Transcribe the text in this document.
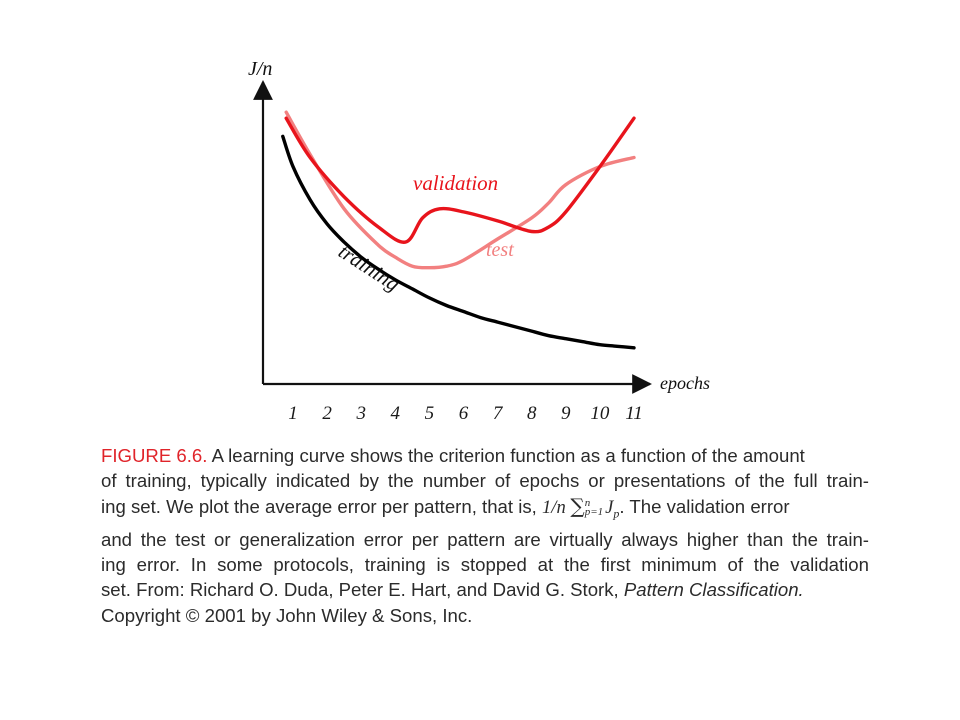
J/n
epochs
1 2 3 4 5 6 7 8 9 10 11
validation
test
training
FIGURE 6.6. A learning curve shows the criterion function as a function of the amount
of training, typically indicated by the number of epochs or presentations of the full train-
ing set. We plot the average error per pattern, that is, 1/n ∑ n
p=1 $J_p$. The validation error
and the test or generalization error per pattern are virtually always higher than the train-
ing error. In some protocols, training is stopped at the first minimum of the validation
set. From: Richard O. Duda, Peter E. Hart, and David G. Stork, Pattern Classification.
Copyright © 2001 by John Wiley & Sons, Inc.
